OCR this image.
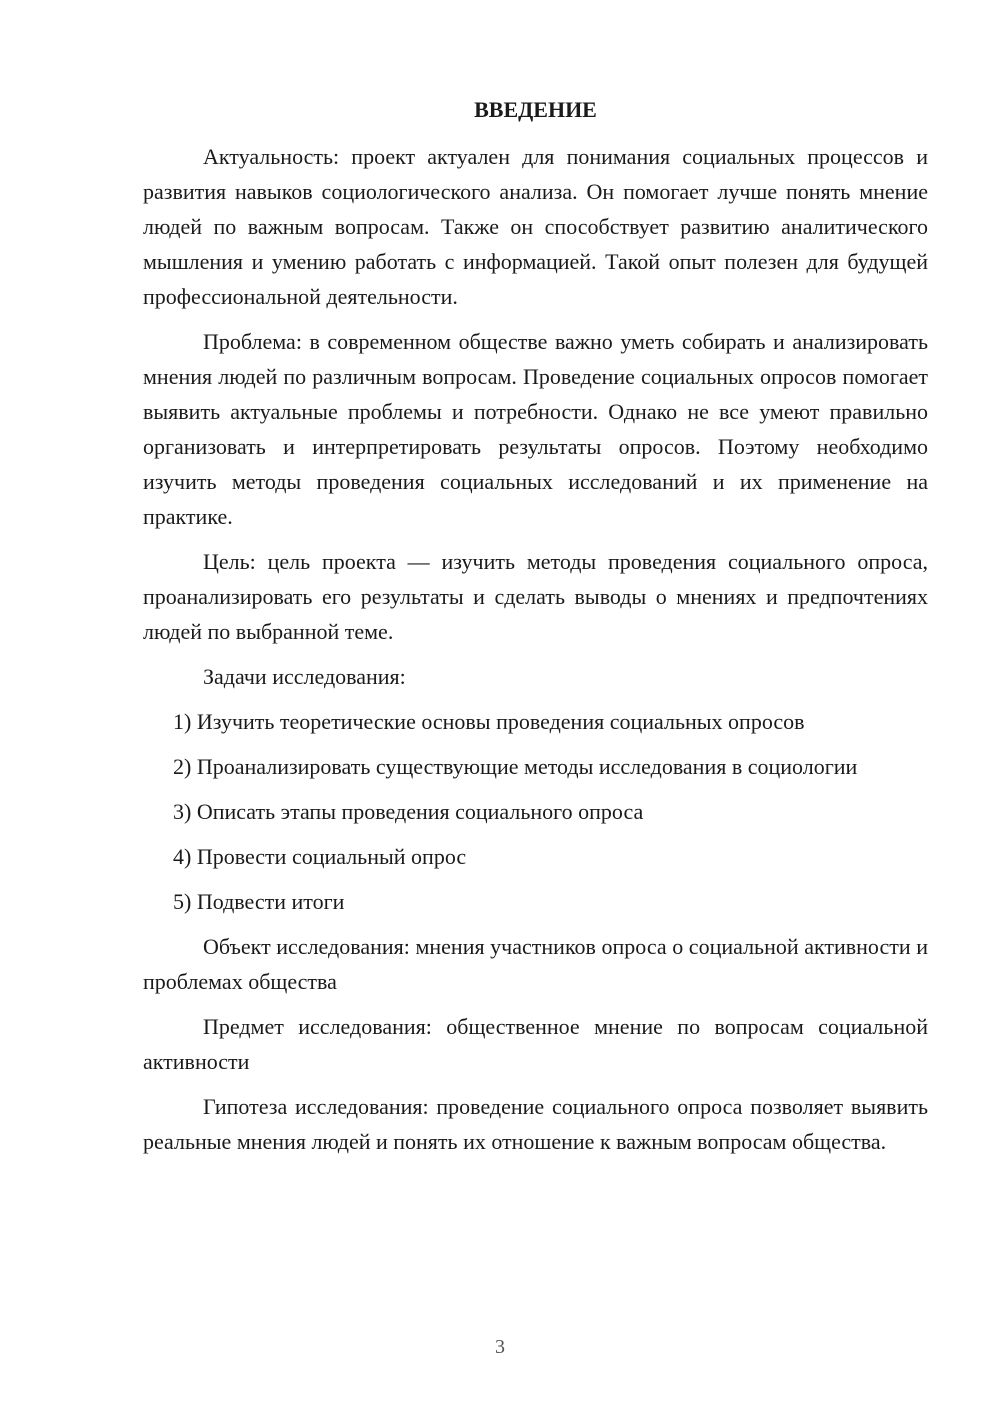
ВВЕДЕНИЕ

Актуальность: проект актуален для понимания социальных процессов и развития навыков социологического анализа. Он помогает лучше понять мнение людей по важным вопросам. Также он способствует развитию аналитического мышления и умению работать с информацией. Такой опыт полезен для будущей профессиональной деятельности.

Проблема: в современном обществе важно уметь собирать и анализировать мнения людей по различным вопросам. Проведение социальных опросов помогает выявить актуальные проблемы и потребности. Однако не все умеют правильно организовать и интерпретировать результаты опросов. Поэтому необходимо изучить методы проведения социальных исследований и их применение на практике.

Цель: цель проекта — изучить методы проведения социального опроса, проанализировать его результаты и сделать выводы о мнениях и предпочтениях людей по выбранной теме.

Задачи исследования:

1) Изучить теоретические основы проведения социальных опросов

2) Проанализировать существующие методы исследования в социологии

3) Описать этапы проведения социального опроса

4) Провести социальный опрос

5) Подвести итоги

Объект исследования: мнения участников опроса о социальной активности и проблемах общества

Предмет исследования: общественное мнение по вопросам социальной активности

Гипотеза исследования: проведение социального опроса позволяет выявить реальные мнения людей и понять их отношение к важным вопросам общества.

3
